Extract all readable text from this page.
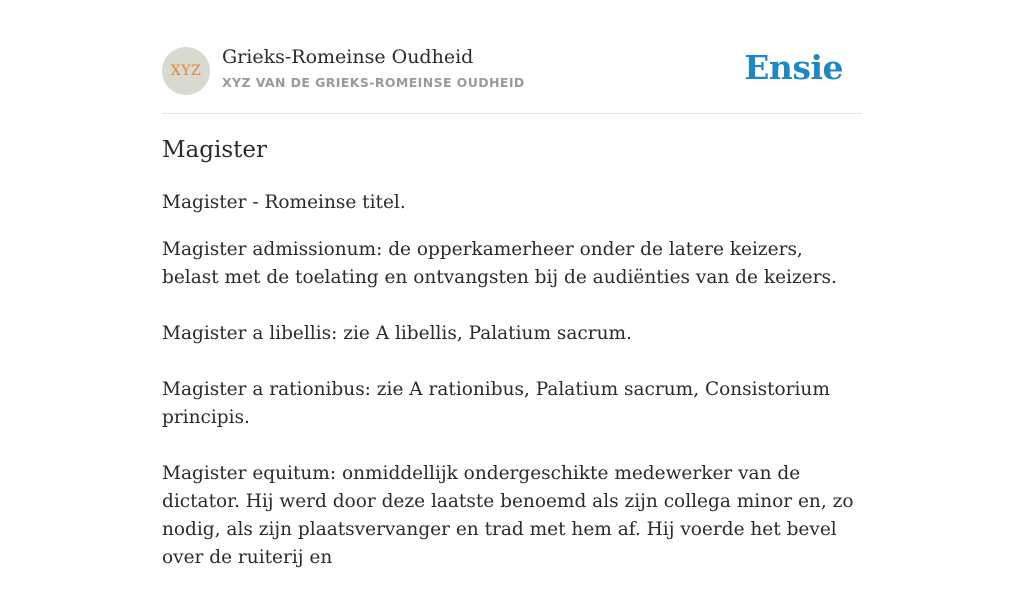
XYZ
Grieks-Romeinse Oudheid
XYZ VAN DE GRIEKS-ROMEINSE OUDHEID	Ensie
Magister

Magister - Romeinse titel.

Magister admissionum: de opperkamerheer onder de latere keizers, belast met de toelating en ontvangsten bij de audiënties van de keizers.

Magister a libellis: zie A libellis, Palatium sacrum.

Magister a rationibus: zie A rationibus, Palatium sacrum, Consistorium principis.

Magister equitum: onmiddellijk ondergeschikte medewerker van de dictator. Hij werd door deze laatste benoemd als zijn collega minor en, zo nodig, als zijn plaatsvervanger en trad met hem af. Hij voerde het bevel over de ruiterij en
